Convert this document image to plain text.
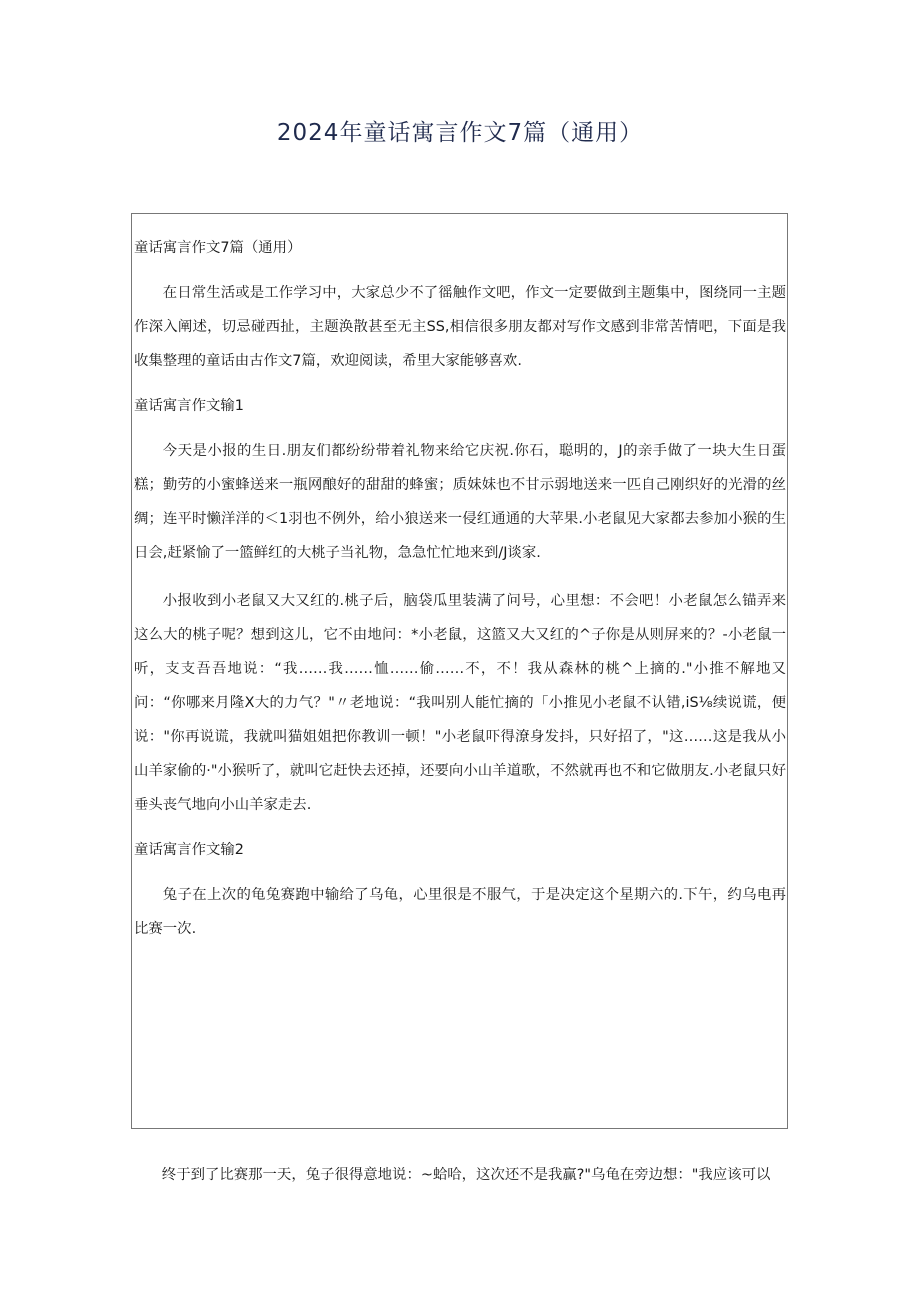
2024年童话寓言作文7篇（通用）

童话寓言作文7篇（通用）

在日常生活或是工作学习中，大家总少不了徭触作文吧，作文一定要做到主题集中，图绕同一主题作深入阐述，切忌碰西扯，主题涣散甚至无主SS,相信很多朋友都对写作文感到非常苦情吧，下面是我收集整理的童话由古作文7篇，欢迎阅读，希里大家能够喜欢.

童话寓言作文输1

今天是小报的生日.朋友们都纷纷带着礼物来给它庆祝.你石，聪明的，J的亲手做了一块大生日蛋糕；勤劳的小蜜蜂送来一瓶网酿好的甜甜的蜂蜜；质妹妹也不甘示弱地送来一匹自己刚织好的光滑的丝绸；连平时懒洋洋的＜1羽也不例外，给小狼送来一侵红通通的大苹果.小老鼠见大家都去参加小猴的生日会,赶紧愉了一篮鲜红的大桃子当礼物，急急忙忙地来到/J谈家.

小报收到小老鼠又大又红的.桃子后，脑袋瓜里装满了问号，心里想：不会吧！小老鼠怎么锚弄来这么大的桃子呢？想到这儿，它不由地问：*小老鼠，这篮又大又红的^子你是从则屏来的？-小老鼠一听，支支吾吾地说：“我……我……恤……偷……不，不！我从森林的桃^上摘的."小推不解地又问：“你哪来月隆X大的力气？"〃老地说：“我叫别人能忙摘的「小推见小老鼠不认错,iS⅛续说谎，便说："你再说谎，我就叫猫姐姐把你教训一顿！"小老鼠吓得潦身发抖，只好招了，"这……这是我从小山羊家偷的·"小猴听了，就叫它赶快去还掉，还要向小山羊道歌，不然就再也不和它做朋友.小老鼠只好垂头丧气地向小山羊家走去.

童话寓言作文输2

兔子在上次的龟兔赛跑中输给了乌龟，心里很是不服气，于是决定这个星期六的.下午，约乌电再比赛一次.

终于到了比赛那一天，兔子很得意地说：~蛤哈，这次还不是我赢?"乌龟在旁边想："我应该可以
